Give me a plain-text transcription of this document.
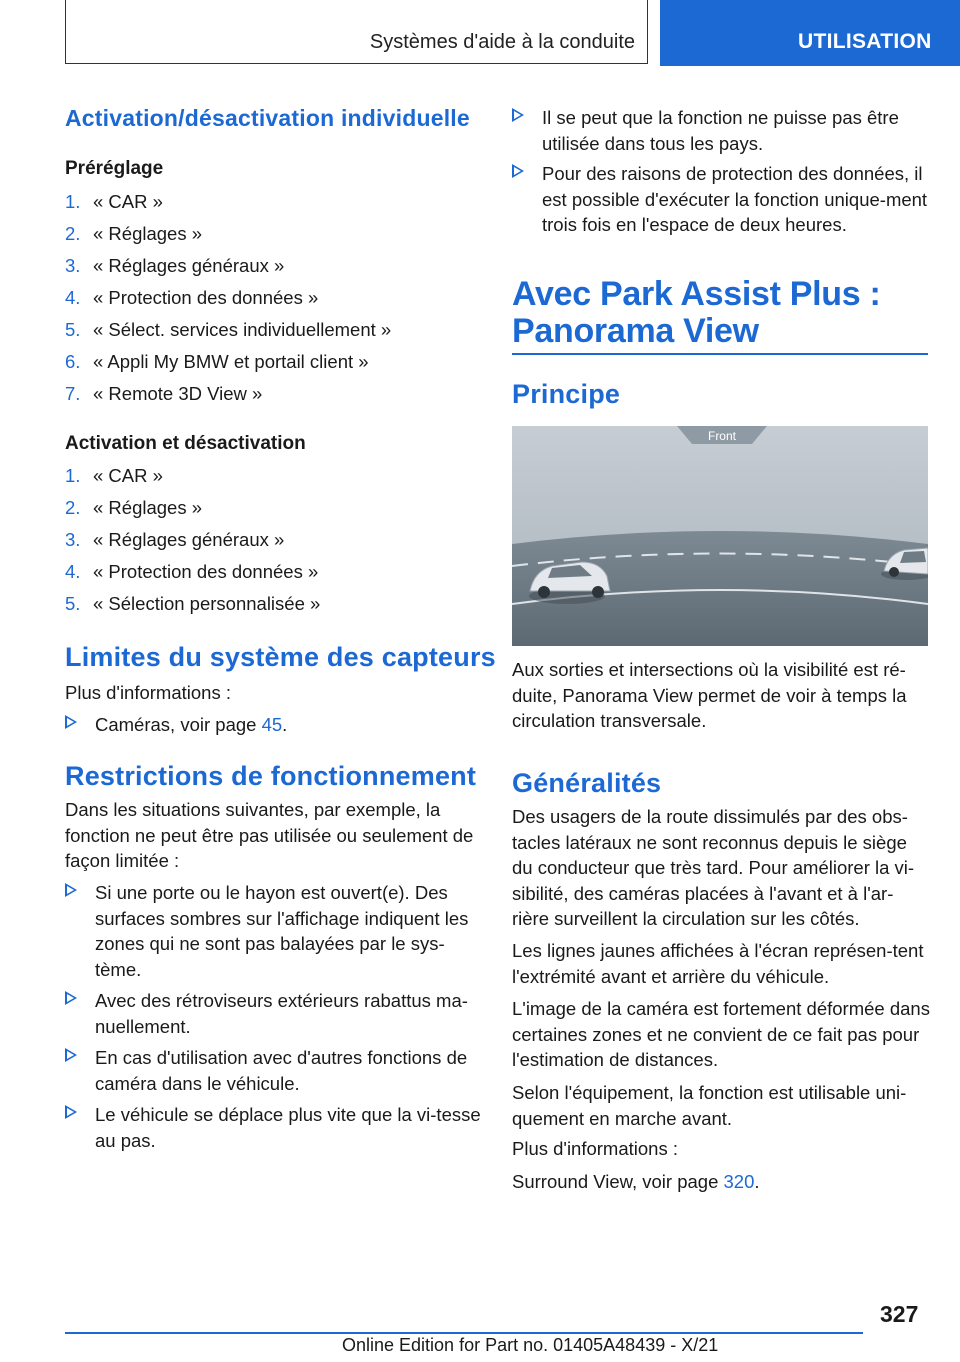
Systèmes d'aide à la conduite	UTILISATION
Activation/désactivation individuelle
Préréglage
1. « CAR »
2. « Réglages »
3. « Réglages généraux »
4. « Protection des données »
5. « Sélect. services individuellement »
6. « Appli My BMW et portail client »
7. « Remote 3D View »
Activation et désactivation
1. « CAR »
2. « Réglages »
3. « Réglages généraux »
4. « Protection des données »
5. « Sélection personnalisée »
Limites du système des capteurs
Plus d'informations :
Caméras, voir page 45.
Restrictions de fonctionnement
Dans les situations suivantes, par exemple, la fonction ne peut être pas utilisée ou seulement de façon limitée :
Si une porte ou le hayon est ouvert(e). Des surfaces sombres sur l'affichage indiquent les zones qui ne sont pas balayées par le sys-tème.
Avec des rétroviseurs extérieurs rabattus ma-nuellement.
En cas d'utilisation avec d'autres fonctions de caméra dans le véhicule.
Le véhicule se déplace plus vite que la vi-tesse au pas.
Il se peut que la fonction ne puisse pas être utilisée dans tous les pays.
Pour des raisons de protection des données, il est possible d'exécuter la fonction unique-ment trois fois en l'espace de deux heures.
Avec Park Assist Plus : Panorama View
Principe
Front
Aux sorties et intersections où la visibilité est ré-duite, Panorama View permet de voir à temps la circulation transversale.
Généralités
Des usagers de la route dissimulés par des obs-tacles latéraux ne sont reconnus depuis le siège du conducteur que très tard. Pour améliorer la vi-sibilité, des caméras placées à l'avant et à l'ar-rière surveillent la circulation sur les côtés.
Les lignes jaunes affichées à l'écran représen-tent l'extrémité avant et arrière du véhicule.
L'image de la caméra est fortement déformée dans certaines zones et ne convient de ce fait pas pour l'estimation de distances.
Selon l'équipement, la fonction est utilisable uni-quement en marche avant.
Plus d'informations :
Surround View, voir page 320.
327
Online Edition for Part no. 01405A48439 - X/21
